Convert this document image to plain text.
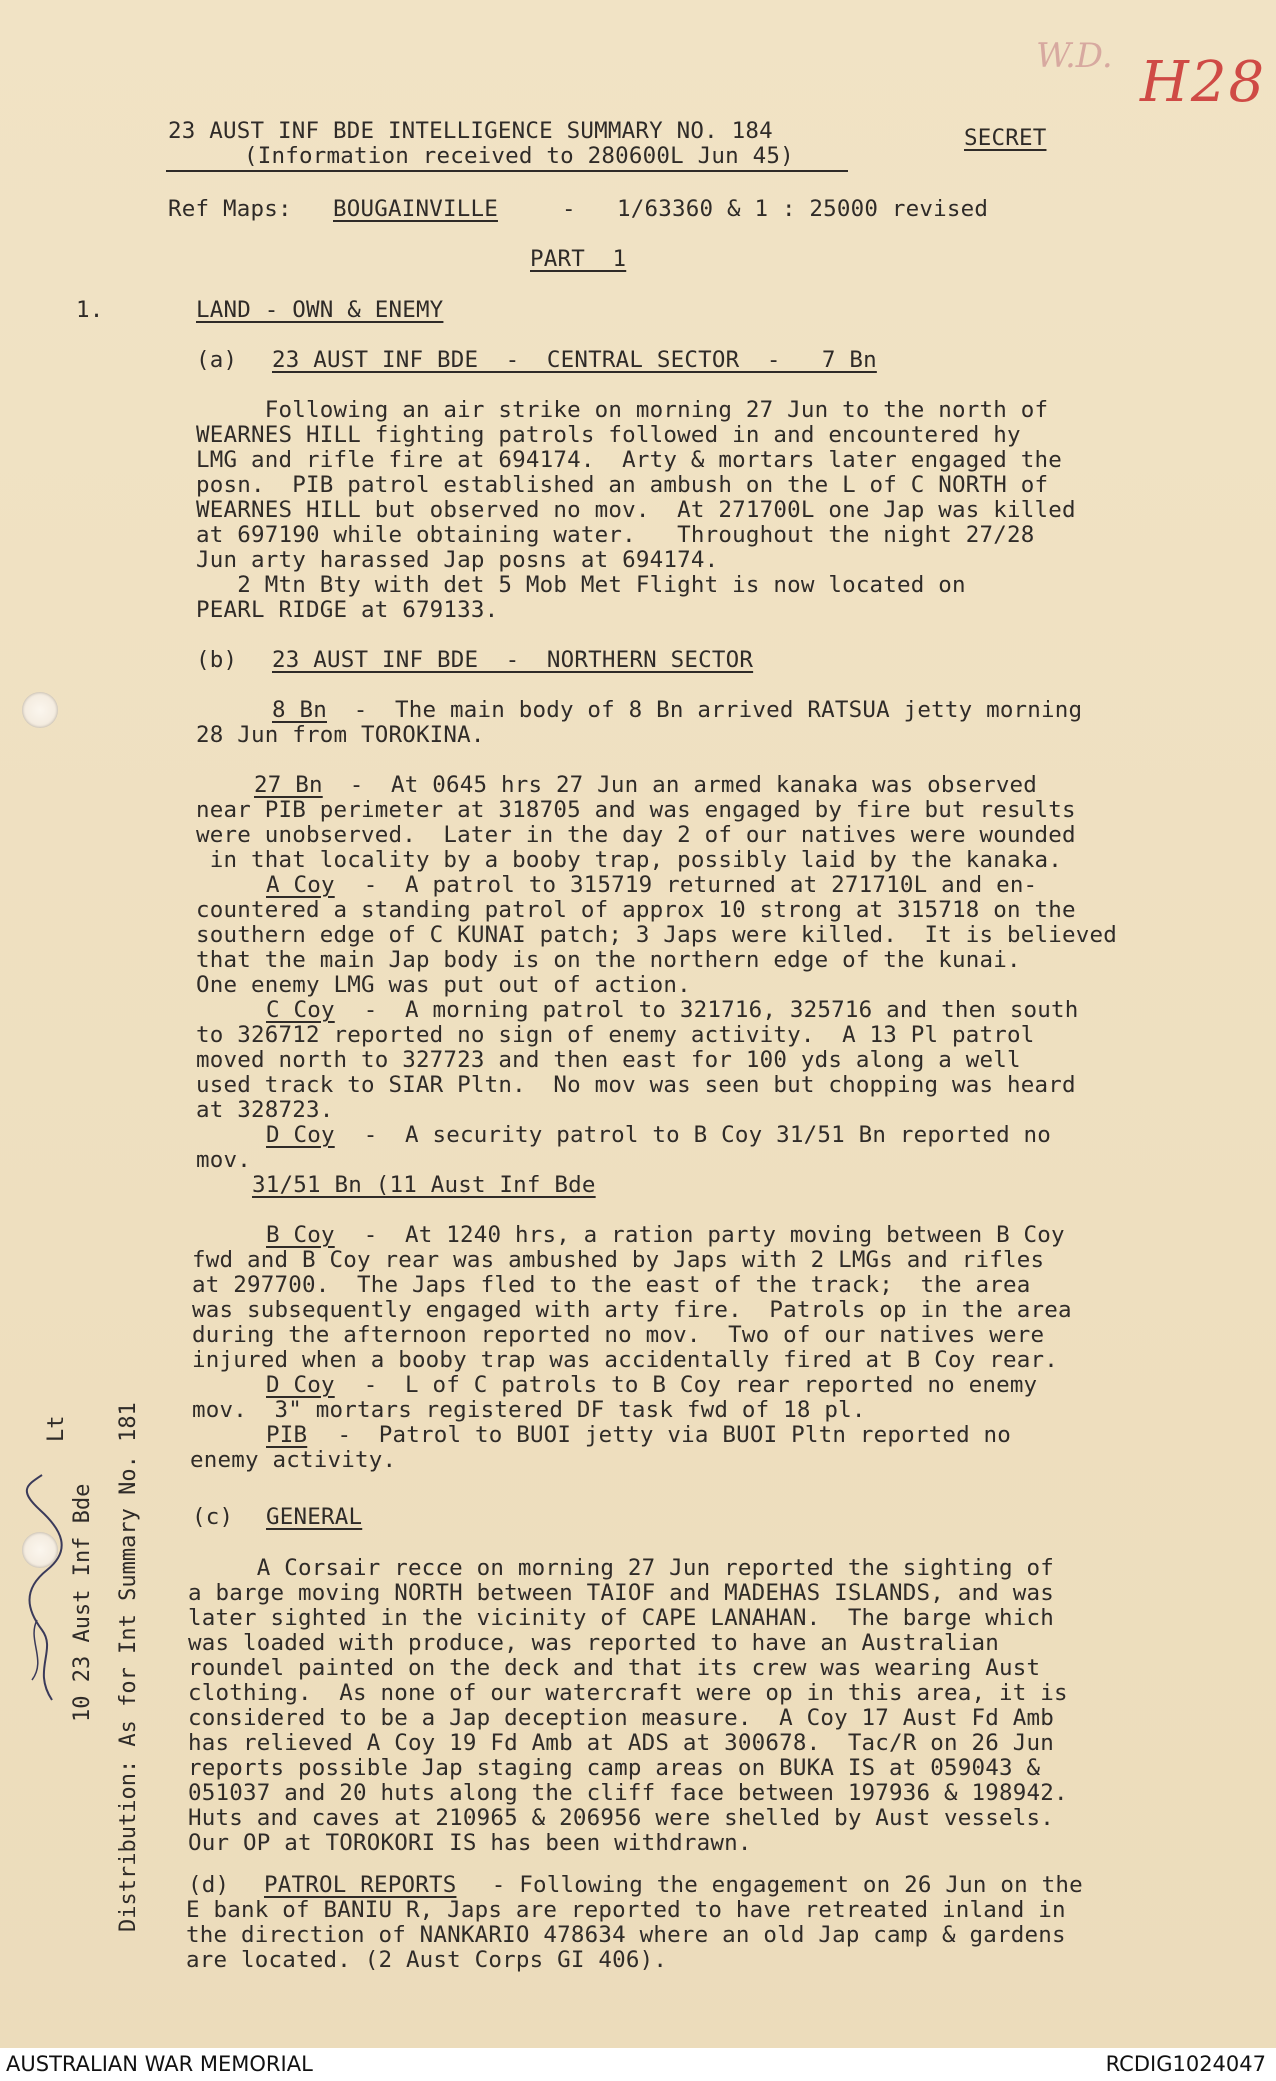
W.D. H28
23 AUST INF BDE INTELLIGENCE SUMMARY NO. 184
(Information received to 280600L Jun 45)
SECRET
Ref Maps: BOUGAINVILLE	-   1/63360 & 1 : 25000 revised
PART  1
1.	LAND - OWN & ENEMY
(a) 23 AUST INF BDE  -  CENTRAL SECTOR  -   7 Bn
Following an air strike on morning 27 Jun to the north of
WEARNES HILL fighting patrols followed in and encountered hy
LMG and rifle fire at 694174.  Arty & mortars later engaged the
posn.  PIB patrol established an ambush on the L of C NORTH of
WEARNES HILL but observed no mov.  At 271700L one Jap was killed
at 697190 while obtaining water.   Throughout the night 27/28
Jun arty harassed Jap posns at 694174.
2 Mtn Bty with det 5 Mob Met Flight is now located on
PEARL RIDGE at 679133.
(b) 23 AUST INF BDE  -  NORTHERN SECTOR
8 Bn -  The main body of 8 Bn arrived RATSUA jetty morning
28 Jun from TOROKINA.
27 Bn -  At 0645 hrs 27 Jun an armed kanaka was observed
near PIB perimeter at 318705 and was engaged by fire but results
were unobserved.  Later in the day 2 of our natives were wounded
in that locality by a booby trap, possibly laid by the kanaka.
A Coy -  A patrol to 315719 returned at 271710L and en-
countered a standing patrol of approx 10 strong at 315718 on the
southern edge of C KUNAI patch; 3 Japs were killed.  It is believed
that the main Jap body is on the northern edge of the kunai.
One enemy LMG was put out of action.
C Coy -  A morning patrol to 321716, 325716 and then south
to 326712 reported no sign of enemy activity.  A 13 Pl patrol
moved north to 327723 and then east for 100 yds along a well
used track to SIAR Pltn.  No mov was seen but chopping was heard
at 328723.
D Coy -  A security patrol to B Coy 31/51 Bn reported no
mov.
31/51 Bn (11 Aust Inf Bde
B Coy -  At 1240 hrs, a ration party moving between B Coy
fwd and B Coy rear was ambushed by Japs with 2 LMGs and rifles
at 297700.  The Japs fled to the east of the track;  the area
was subsequently engaged with arty fire.  Patrols op in the area
during the afternoon reported no mov.  Two of our natives were
injured when a booby trap was accidentally fired at B Coy rear.
D Coy -  L of C patrols to B Coy rear reported no enemy
mov.  3" mortars registered DF task fwd of 18 pl.
PIB -  Patrol to BUOI jetty via BUOI Pltn reported no
enemy activity.
(c) GENERAL
A Corsair recce on morning 27 Jun reported the sighting of
a barge moving NORTH between TAIOF and MADEHAS ISLANDS, and was
later sighted in the vicinity of CAPE LANAHAN.  The barge which
was loaded with produce, was reported to have an Australian
roundel painted on the deck and that its crew was wearing Aust
clothing.  As none of our watercraft were op in this area, it is
considered to be a Jap deception measure.  A Coy 17 Aust Fd Amb
has relieved A Coy 19 Fd Amb at ADS at 300678.  Tac/R on 26 Jun
reports possible Jap staging camp areas on BUKA IS at 059043 &
051037 and 20 huts along the cliff face between 197936 & 198942.
Huts and caves at 210965 & 206956 were shelled by Aust vessels.
Our OP at TOROKORI IS has been withdrawn.
(d) PATROL REPORTS - Following the engagement on 26 Jun on the
E bank of BANIU R, Japs are reported to have retreated inland in
the direction of NANKARIO 478634 where an old Jap camp & gardens
are located. (2 Aust Corps GI 406).
Distribution: As for Int Summary No. 181
10 23 Aust Inf Bde
Lt
AUSTRALIAN WAR MEMORIAL	RCDIG1024047
